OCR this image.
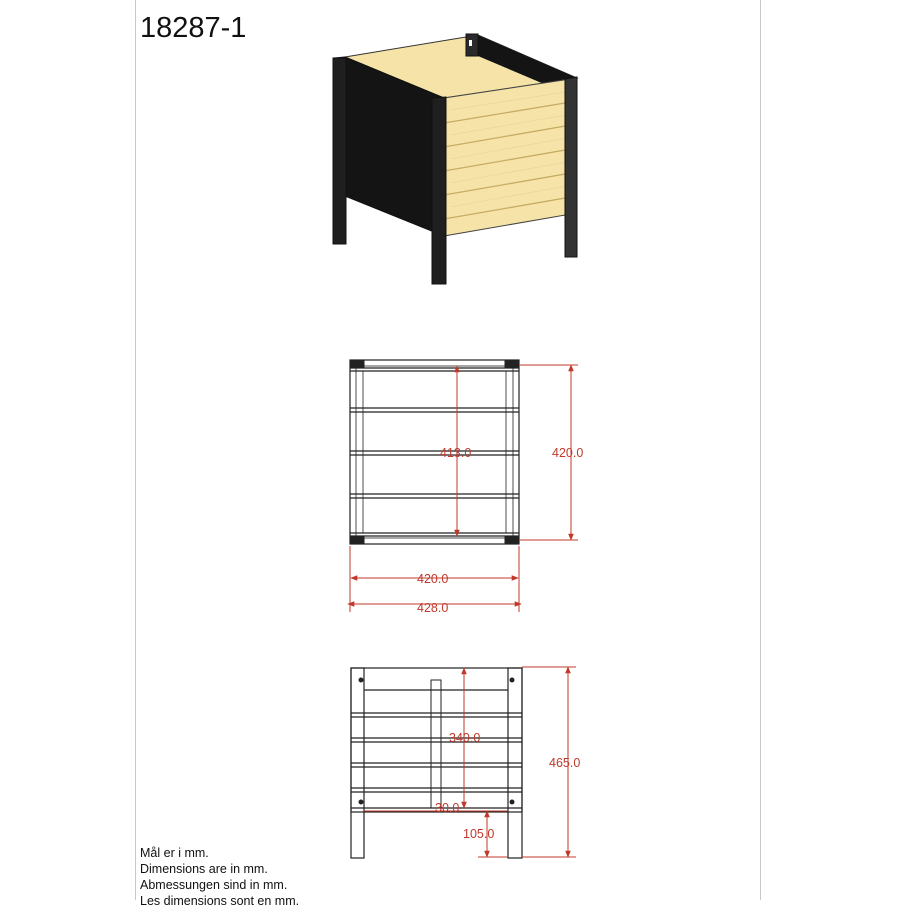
18287-1
413.0	420.0
420.0
428.0
340.0
465.0
30.0
105.0
Mål er i mm.
Dimensions are in mm.
Abmessungen sind in mm.
Les dimensions sont en mm.
